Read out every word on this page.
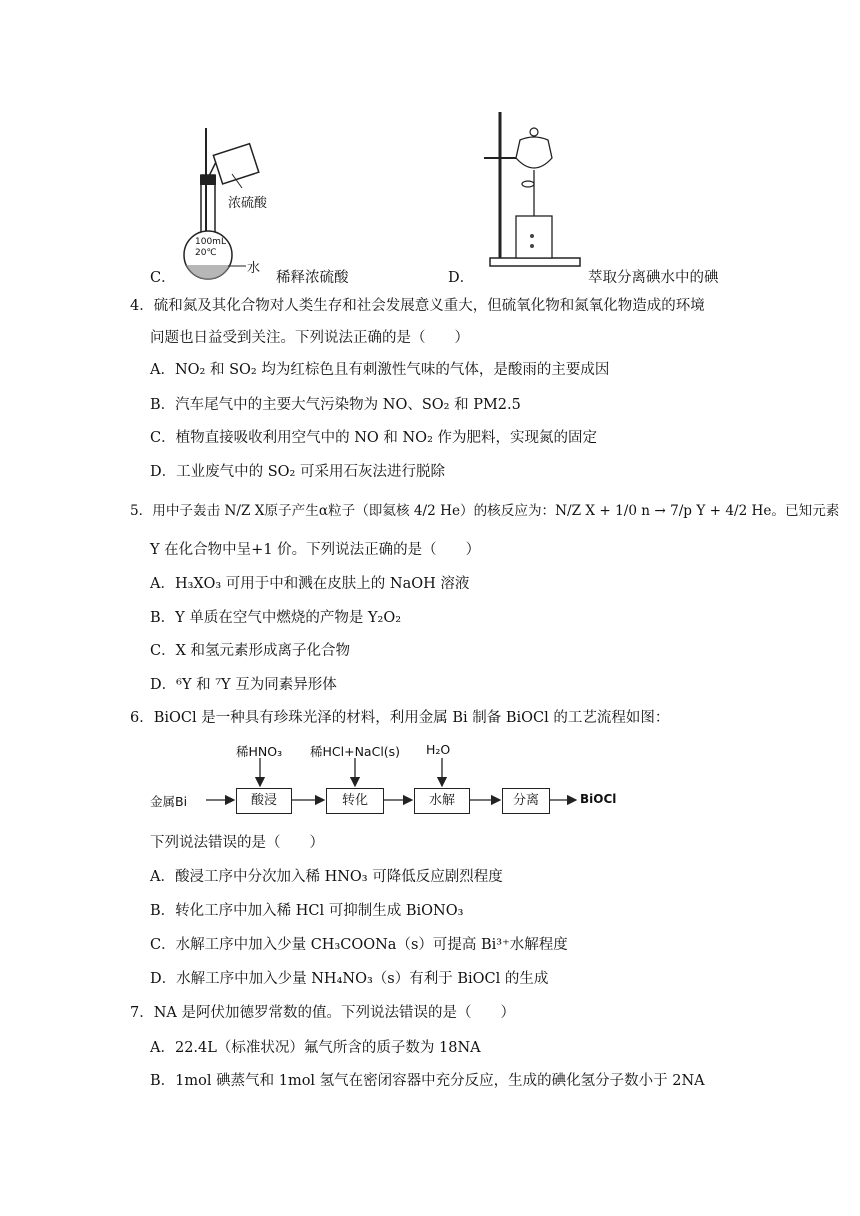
浓硫酸
水
100mL
20℃
C．	稀释浓硫酸	D．	萃取分离碘水中的碘
4．硫和氮及其化合物对人类生存和社会发展意义重大，但硫氧化物和氮氧化物造成的环境
问题也日益受到关注。下列说法正确的是（　　）
A．NO₂ 和 SO₂ 均为红棕色且有刺激性气味的气体，是酸雨的主要成因
B．汽车尾气中的主要大气污染物为 NO、SO₂ 和 PM2.5
C．植物直接吸收利用空气中的 NO 和 NO₂ 作为肥料，实现氮的固定
D．工业废气中的 SO₂ 可采用石灰法进行脱除
5．用中子轰击 N/Z X原子产生α粒子（即氦核 4/2 He）的核反应为：N/Z X + 1/0 n → 7/p Y + 4/2 He。已知元素
Y 在化合物中呈+1 价。下列说法正确的是（　　）
A．H₃XO₃ 可用于中和溅在皮肤上的 NaOH 溶液
B．Y 单质在空气中燃烧的产物是 Y₂O₂
C．X 和氢元素形成离子化合物
D．⁶Y 和 ⁷Y 互为同素异形体
6．BiOCl 是一种具有珍珠光泽的材料，利用金属 Bi 制备 BiOCl 的工艺流程如图：
金属Bi	酸浸	转化	水解	分离	BiOCl
稀HNO₃ 稀HCl+NaCl(s) H₂O
下列说法错误的是（　　）
A．酸浸工序中分次加入稀 HNO₃ 可降低反应剧烈程度
B．转化工序中加入稀 HCl 可抑制生成 BiONO₃
C．水解工序中加入少量 CH₃COONa（s）可提高 Bi³⁺水解程度
D．水解工序中加入少量 NH₄NO₃（s）有利于 BiOCl 的生成
7．NA 是阿伏加德罗常数的值。下列说法错误的是（　　）
A．22.4L（标准状况）氟气所含的质子数为 18NA
B．1mol 碘蒸气和 1mol 氢气在密闭容器中充分反应，生成的碘化氢分子数小于 2NA
